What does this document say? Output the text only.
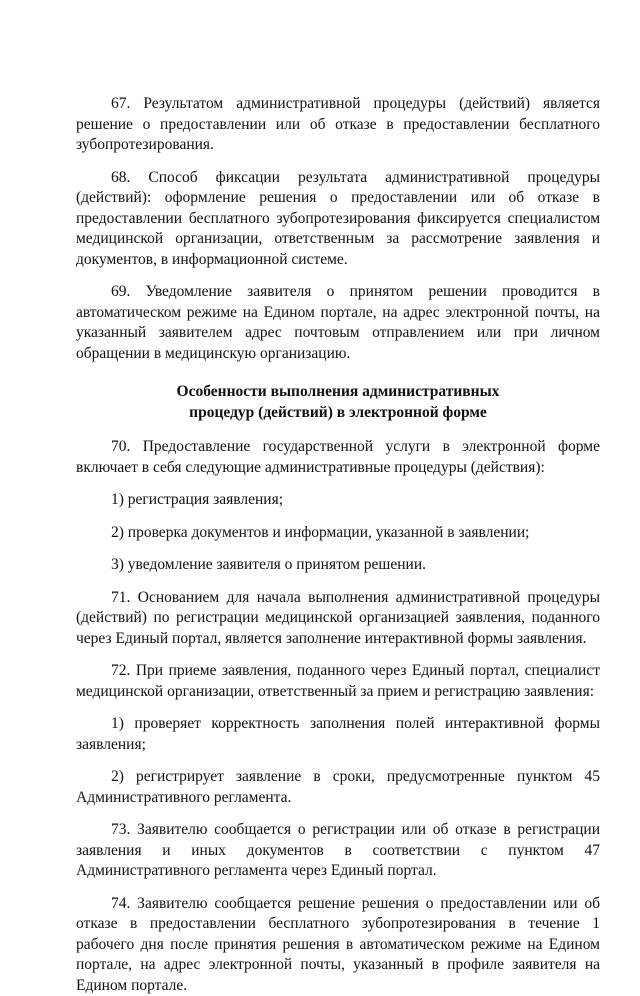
67. Результатом административной процедуры (действий) является решение о предоставлении или об отказе в предоставлении бесплатного зубопротезирования.

68. Способ фиксации результата административной процедуры (действий): оформление решения о предоставлении или об отказе в предоставлении бесплатного зубопротезирования фиксируется специалистом медицинской организации, ответственным за рассмотрение заявления и документов, в информационной системе.

69. Уведомление заявителя о принятом решении проводится в автоматическом режиме на Едином портале, на адрес электронной почты, на указанный заявителем адрес почтовым отправлением или при личном обращении в медицинскую организацию.

Особенности выполнения административных
процедур (действий) в электронной форме

70. Предоставление государственной услуги в электронной форме включает в себя следующие административные процедуры (действия):

1) регистрация заявления;

2) проверка документов и информации, указанной в заявлении;

3) уведомление заявителя о принятом решении.

71. Основанием для начала выполнения административной процедуры (действий) по регистрации медицинской организацией заявления, поданного через Единый портал, является заполнение интерактивной формы заявления.

72. При приеме заявления, поданного через Единый портал, специалист медицинской организации, ответственный за прием и регистрацию заявления:

1) проверяет корректность заполнения полей интерактивной формы заявления;

2) регистрирует заявление в сроки, предусмотренные пунктом 45 Административного регламента.

73. Заявителю сообщается о регистрации или об отказе в регистрации заявления и иных документов в соответствии с пунктом 47 Административного регламента через Единый портал.

74. Заявителю сообщается решение решения о предоставлении или об отказе в предоставлении бесплатного зубопротезирования в течение 1 рабочего дня после принятия решения в автоматическом режиме на Едином портале, на адрес электронной почты, указанный в профиле заявителя на Едином портале.
